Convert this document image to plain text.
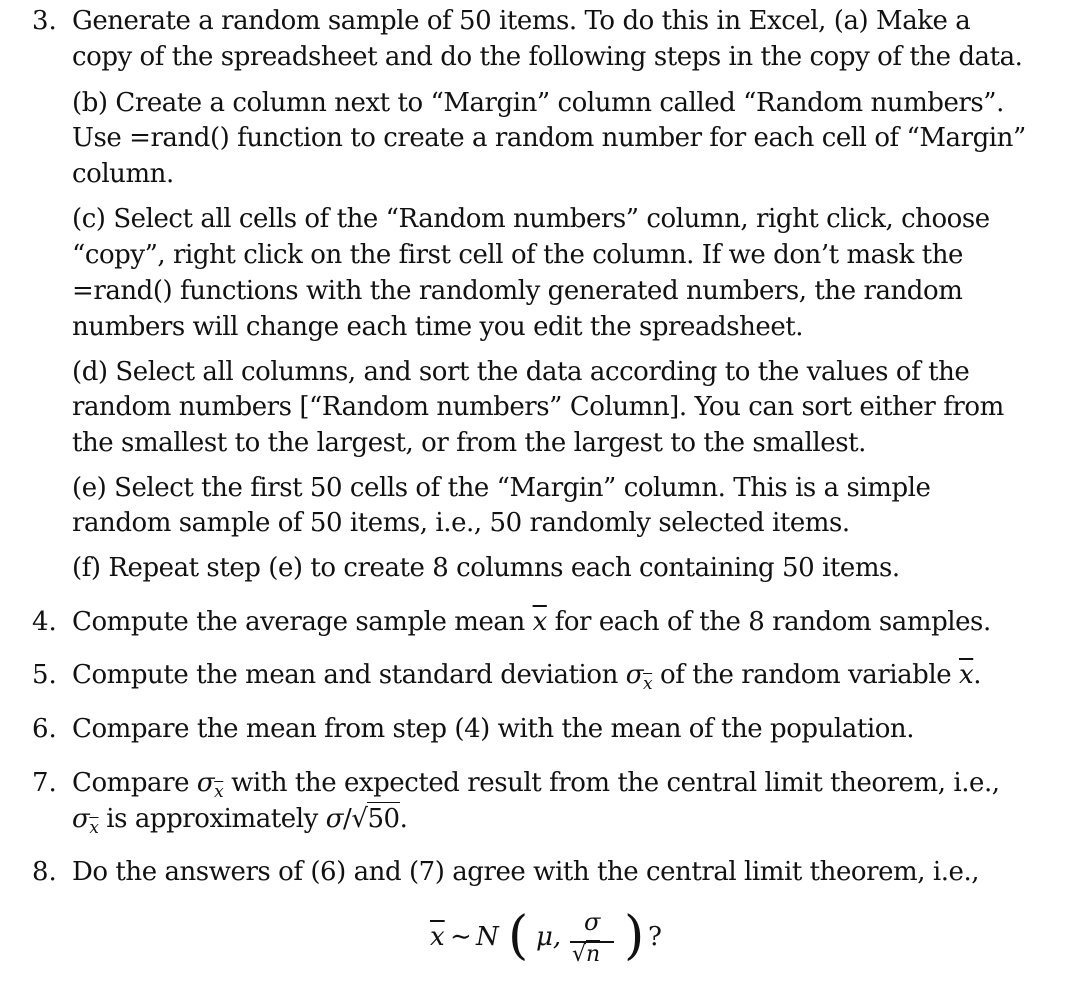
3. Generate a random sample of 50 items. To do this in Excel, (a) Make a
copy of the spreadsheet and do the following steps in the copy of the data.
(b) Create a column next to “Margin” column called “Random numbers”.
Use =rand() function to create a random number for each cell of “Margin”
column.
(c) Select all cells of the “Random numbers” column, right click, choose
“copy”, right click on the first cell of the column. If we don’t mask the
=rand() functions with the randomly generated numbers, the random
numbers will change each time you edit the spreadsheet.
(d) Select all columns, and sort the data according to the values of the
random numbers [“Random numbers” Column]. You can sort either from
the smallest to the largest, or from the largest to the smallest.
(e) Select the first 50 cells of the “Margin” column. This is a simple
random sample of 50 items, i.e., 50 randomly selected items.
(f) Repeat step (e) to create 8 columns each containing 50 items.
4. Compute the average sample mean $\overline{x}$ for each of the 8 random samples.
5. Compute the mean and standard deviation $\sigma_{\overline{x}}$ of the random variable $\overline{x}$.
6. Compare the mean from step (4) with the mean of the population.
7. Compare $\sigma_{\overline{x}}$ with the expected result from the central limit theorem, i.e.,
$\sigma_{\overline{x}}$ is approximately σ/√50.
8. Do the answers of (6) and (7) agree with the central limit theorem, i.e.,
$\overline{x}$ ∼ N ( μ, σ
√n ) ?
